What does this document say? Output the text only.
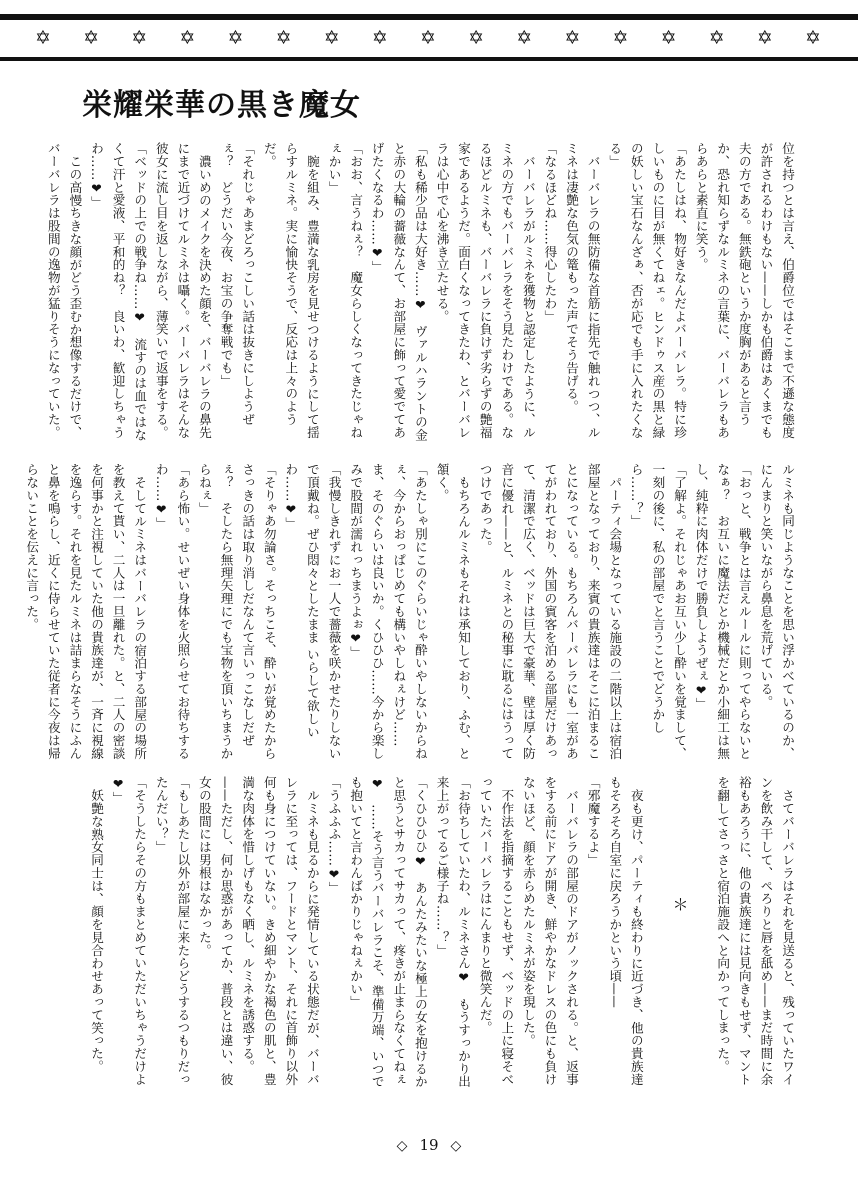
✡ ✡ ✡ ✡ ✡ ✡ ✡ ✡ ✡ ✡ ✡ ✡ ✡ ✡ ✡ ✡ ✡
栄耀栄華の黒き魔女

位を持つとは言え、伯爵位ではそこまで不遜な態度が許されるわけもない——しかも伯爵はあくまでも夫の方である。無鉄砲というか度胸があると言うか、恐れ知らずなルミネの言葉に、バーバレラもあらあらと素直に笑う。

「あたしはね、物好きなんだよバーバレラ。特に珍しいものに目が無くてねェ。ヒンドゥス産の黒と緑の妖しい宝石なんざぁ、否が応でも手に入れたくなる」

バーバレラの無防備な首筋に指先で触れつつ、ルミネは凄艶な色気の篭もった声でそう告げる。

「なるほどね……得心したわ」

バーバレラがルミネを獲物と認定したように、ルミネの方でもバーバレラをそう見たわけである。なるほどルミネも、バーバレラに負けず劣らずの艶福家であるようだ。面白くなってきたわ、とバーバレラは心中で心を沸き立たせる。

「私も稀少品は大好き……❤　ヴァルハラントの金と赤の大輪の薔薇なんて、お部屋に飾って愛でてあげたくなるわ……❤」

「おお、言うねぇ？　魔女らしくなってきたじゃねぇかい」

腕を組み、豊満な乳房を見せつけるようにして揺らすルミネ。実に愉快そうで、反応は上々のようだ。

「それじゃあまどろっこしい話は抜きにしようぜぇ？　どうだい今夜、お宝の争奪戦でも」

濃いめのメイクを決めた顔を、バーバレラの鼻先にまで近づけてルミネは囁く。バーバレラはそんな彼女に流し目を返しながら、薄笑いで返事をする。

「ベッドの上での戦争ね……❤　流すのは血ではなくて汗と愛液、平和的ね？　良いわ、歓迎しちゃうわ……❤」

この高慢ちきな顔がどう歪むか想像するだけで、バーバレラは股間の逸物が猛りそうになっていた。

ルミネも同じようなことを思い浮かべているのか、にんまりと笑いながら鼻息を荒げている。

「おっと、戦争とは言えルールに則ってやらないとなぁ？　お互いに魔法だとか機械だとか小細工は無し、純粋に肉体だけで勝負しようぜぇ❤」

「了解よ。それじゃあお互い少し酔いを覚まして、一刻の後に、私の部屋でと言うことでどうかしら……？」

パーティ会場となっている施設の二階以上は宿泊部屋となっており、来賓の貴族達はそこに泊まることになっている。もちろんバーバレラにも一室があてがわれており、外国の賓客を泊める部屋だけあって、清潔で広く、ベッドは巨大で豪華、壁は厚く防音に優れ——と、ルミネとの秘事に耽るにはうってつけであった。

もちろんルミネもそれは承知しており、ふむ、と頷く。

「あたしゃ別にこのぐらいじゃ酔いやしないからねぇ、今からおっぱじめても構いやしねぇけど……ま、そのぐらいは良いか。くひひひ……今から楽しみで股間が濡れっちまうよぉ❤」

「我慢しきれずにお一人で薔薇を咲かせたりしないで頂戴ね。ぜひ悶々としたまま いらして欲しいわ……❤」

「そりゃあ勿論さ。そっちこそ、酔いが覚めたからさっきの話は取り消しだなんて言いっこなしだぜぇ？　そしたら無理矢理にでも宝物を頂いちまうからねぇ」

「あら怖い。せいぜい身体を火照らせてお待ちするわ……❤」

そしてルミネはバーバレラの宿泊する部屋の場所を教えて貰い、二人は一旦離れた。と、二人の密談を何事かと注視していた他の貴族達が、一斉に視線を逸らす。それを見たルミネは詰まらなそうにふんと鼻を鳴らし、近くに侍らせていた従者に今夜は帰らないことを伝えに言った。

さてバーバレラはそれを見送ると、残っていたワインを飲み干して、ぺろりと唇を舐め——まだ時間に余裕もあろうに、他の貴族達には見向きもせず、マントを翻してさっさと宿泊施設へと向かってしまった。

＊

夜も更け、パーティも終わりに近づき、他の貴族達もそろそろ自室に戻ろうかという頃——

「邪魔するよ」

バーバレラの部屋のドアがノックされる。と、返事をする前にドアが開き、鮮やかなドレスの色にも負けないほど、顔を赤らめたルミネが姿を現した。

不作法を指摘することもせず、ベッドの上に寝そべっていたバーバレラはにんまりと微笑んだ。

「お待ちしていたわ、ルミネさん❤　もうすっかり出来上がってるご様子ね……？」

「くひひひひ❤　あんたみたいな極上の女を抱けるかと思うとサカってサカって、疼きが止まらなくてねぇ❤　……そう言うバーバレラこそ、準備万端、いつでも抱いてと言わんばかりじゃねぇかい」

「うふふふ……❤」

ルミネも見るからに発情している状態だが、バーバレラに至っては、フードとマント、それに首飾り以外何も身につけていない。きめ細やかな褐色の肌と、豊満な肉体を惜しげもなく晒し、ルミネを誘惑する。——ただし、何か思惑があってか、普段とは違い、彼女の股間には男根はなかった。

「もしあたし以外が部屋に来たらどうするつもりだったんだい？」

「そうしたらその方もまとめていただいちゃうだけよ❤」

妖艶な熟女同士は、顔を見合わせあって笑った。

◇ 19 ◇
